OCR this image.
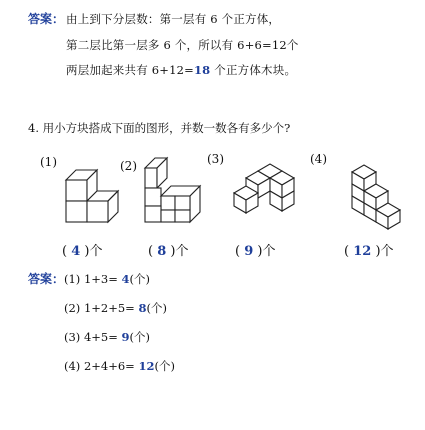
答案： 由上到下分层数：第一层有 6 个正方体，
第二层比第一层多 6 个，所以有 6+6=12个
两层加起来共有 6+12=18 个正方体木块。
4. 用小方块搭成下面的图形，并数一数各有多少个?
(1)	(2)	(3)	(4)
( 4 )个	( 8 )个	( 9 )个	( 12 )个
答案： (1) 1+3= 4(个)
(2) 1+2+5= 8(个)
(3) 4+5= 9(个)
(4) 2+4+6= 12(个)
